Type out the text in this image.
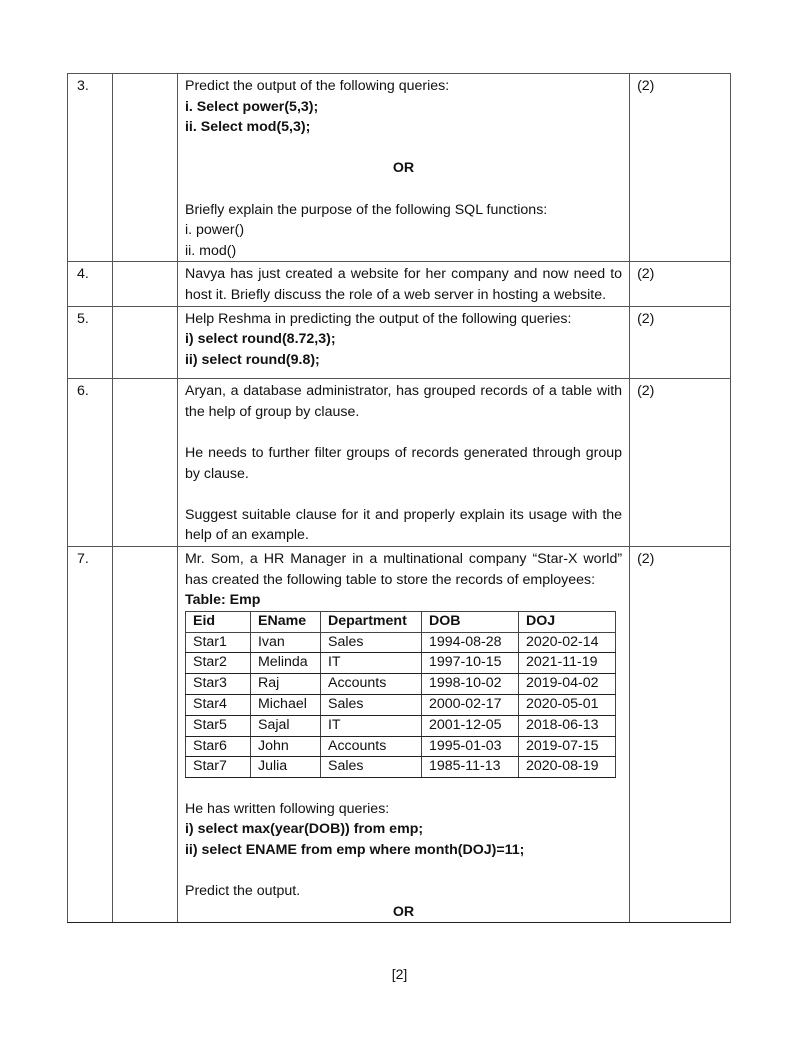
3.		Predict the output of the following queries:
i. Select power(5,3);
ii. Select mod(5,3);
OR
Briefly explain the purpose of the following SQL functions:
i. power()
ii. mod()
	(2)
4.		Navya has just created a website for her company and now need to host it. Briefly discuss the role of a web server in hosting a website.
	(2)
5.		Help Reshma in predicting the output of the following queries:
i) select round(8.72,3);
ii) select round(9.8);
	(2)
6.		Aryan, a database administrator, has grouped records of a table with the help of group by clause.
He needs to further filter groups of records generated through group by clause.
Suggest suitable clause for it and properly explain its usage with the help of an example.
	(2)
7.		Mr. Som, a HR Manager in a multinational company “Star-X world” has created the following table to store the records of employees:
Table: Emp
Eid	EName	Department	DOB	DOJ
Star1	Ivan	Sales	1994-08-28	2020-02-14
Star2	Melinda	IT	1997-10-15	2021-11-19
Star3	Raj	Accounts	1998-10-02	2019-04-02
Star4	Michael	Sales	2000-02-17	2020-05-01
Star5	Sajal	IT	2001-12-05	2018-06-13
Star6	John	Accounts	1995-01-03	2019-07-15
Star7	Julia	Sales	1985-11-13	2020-08-19
He has written following queries:
i) select max(year(DOB)) from emp;
ii) select ENAME from emp where month(DOJ)=11;
Predict the output.
OR
	(2)
[2]
